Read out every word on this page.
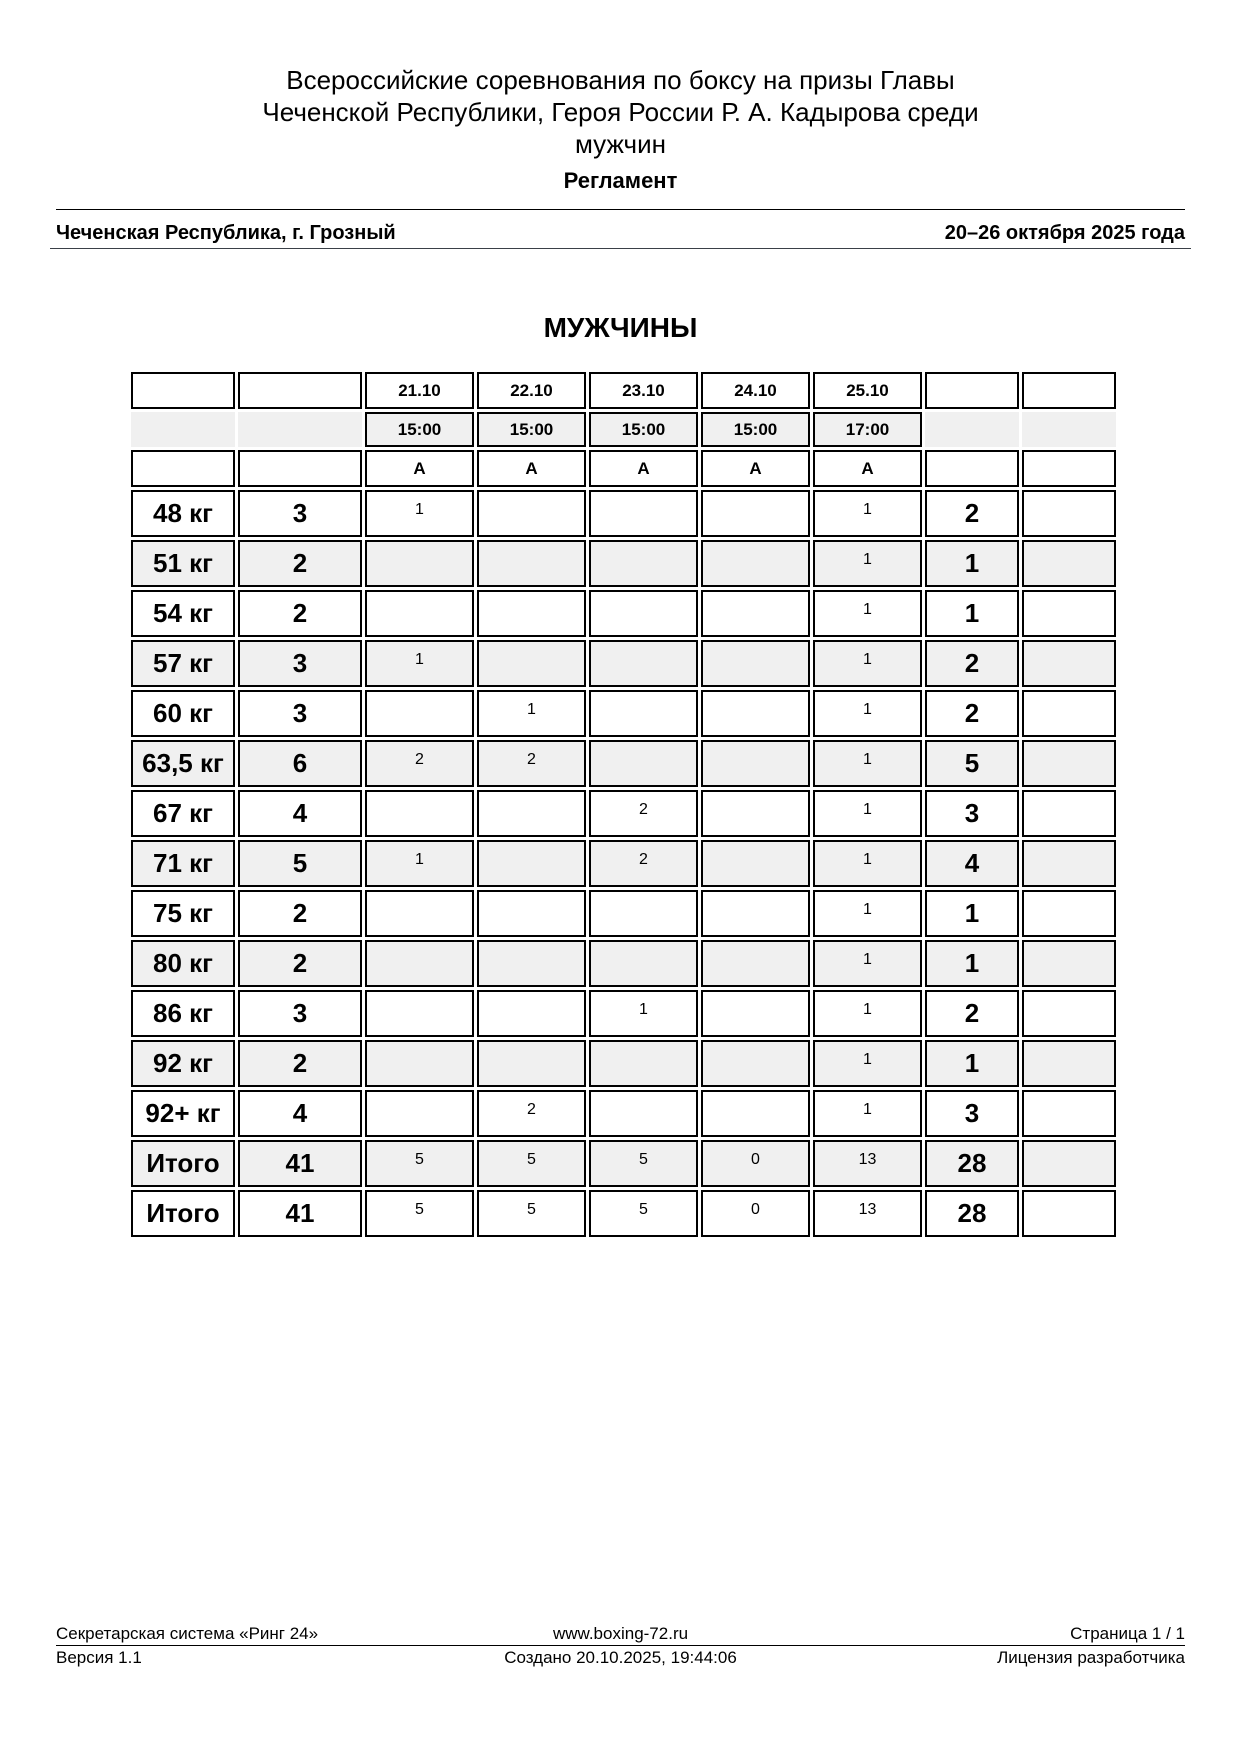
Всероссийские соревнования по боксу на призы Главы
Чеченской Республики, Героя России Р. А. Кадырова среди
мужчин
Регламент
Чеченская Республика, г. Грозный	20–26 октября 2025 года
МУЖЧИНЫ
		21.10	22.10	23.10	24.10	25.10		
		15:00	15:00	15:00	15:00	17:00		
		A	A	A	A	A		
48 кг	3	1				1	2	
51 кг	2					1	1	
54 кг	2					1	1	
57 кг	3	1				1	2	
60 кг	3		1			1	2	
63,5 кг	6	2	2			1	5	
67 кг	4			2		1	3	
71 кг	5	1		2		1	4	
75 кг	2					1	1	
80 кг	2					1	1	
86 кг	3			1		1	2	
92 кг	2					1	1	
92+ кг	4		2			1	3	
Итого	41	5	5	5	0	13	28	
Итого	41	5	5	5	0	13	28	
Секретарская система «Ринг 24»	www.boxing-72.ru	Страница 1 / 1
Версия 1.1	Создано 20.10.2025, 19:44:06	Лицензия разработчика
